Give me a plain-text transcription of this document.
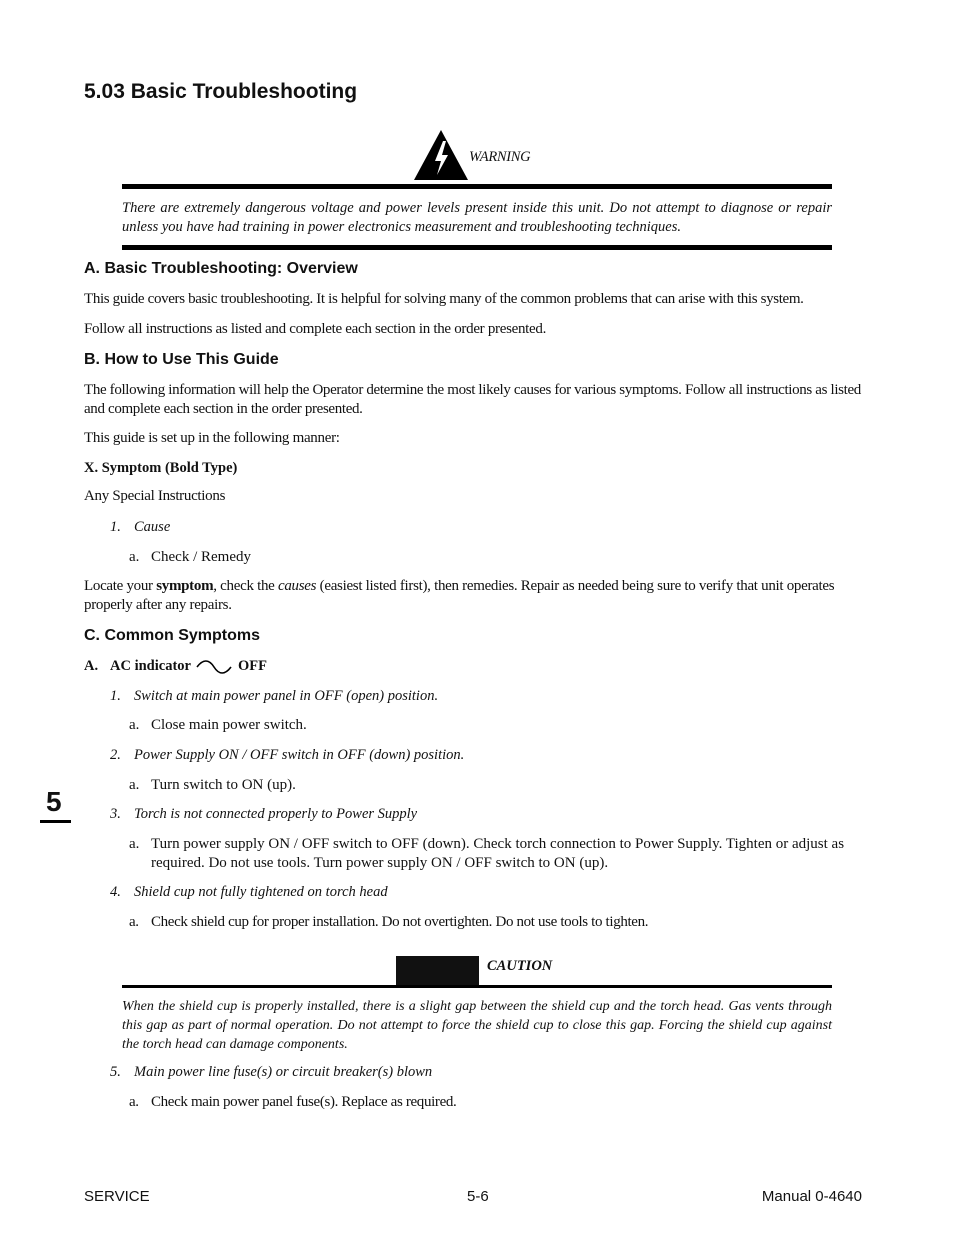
5.03 Basic Troubleshooting
WARNING
There are extremely dangerous voltage and power levels present inside this unit. Do not attempt to diagnose or repair unless you have had training in power electronics measurement and troubleshooting techniques.
A. Basic Troubleshooting: Overview
This guide covers basic troubleshooting. It is helpful for solving many of the common problems that can arise with this system.
Follow all instructions as listed and complete each section in the order presented.
B. How to Use This Guide
The following information will help the Operator determine the most likely causes for various symptoms. Follow all instructions as listed and complete each section in the order presented.
This guide is set up in the following manner:
X. Symptom (Bold Type)
Any Special Instructions
1. Cause
a. Check / Remedy
Locate your symptom, check the causes (easiest listed first), then remedies. Repair as needed being sure to verify that unit operates properly after any repairs.
C. Common Symptoms
A. AC indicator	OFF
1. Switch at main power panel in OFF (open) position.
a. Close main power switch.
2. Power Supply ON / OFF switch in OFF (down) position.
a. Turn switch to ON (up).
5	3. Torch is not connected properly to Power Supply
a. Turn power supply ON / OFF switch to OFF (down). Check torch connection to Power Supply. Tighten or adjust as required. Do not use tools. Turn power supply ON / OFF switch to ON (up).
4. Shield cup not fully tightened on torch head
a. Check shield cup for proper installation. Do not overtighten. Do not use tools to tighten.
CAUTION
When the shield cup is properly installed, there is a slight gap between the shield cup and the torch head. Gas vents through this gap as part of normal operation. Do not attempt to force the shield cup to close this gap. Forcing the shield cup against the torch head can damage components.
5. Main power line fuse(s) or circuit breaker(s) blown
a. Check main power panel fuse(s). Replace as required.
SERVICE	5-6	Manual 0-4640
